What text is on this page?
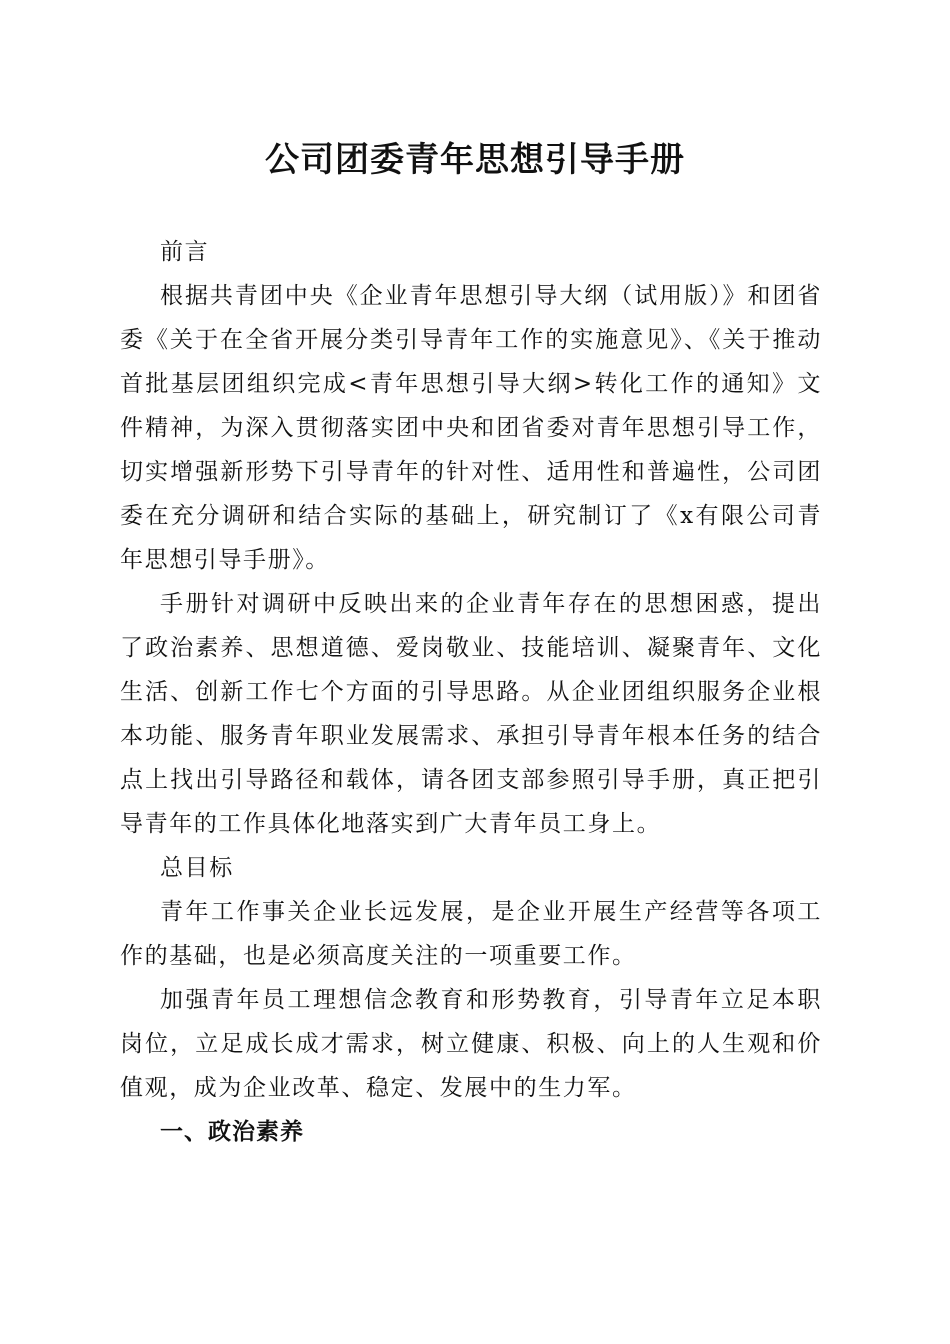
公司团委青年思想引导手册

前言

根据共青团中央《企业青年思想引导大纲（试用版）》和团省委《关于在全省开展分类引导青年工作的实施意见》、《关于推动首批基层团组织完成<青年思想引导大纲>转化工作的通知》文件精神，为深入贯彻落实团中央和团省委对青年思想引导工作，切实增强新形势下引导青年的针对性、适用性和普遍性，公司团委在充分调研和结合实际的基础上，研究制订了《x有限公司青年思想引导手册》。

手册针对调研中反映出来的企业青年存在的思想困惑，提出了政治素养、思想道德、爱岗敬业、技能培训、凝聚青年、文化生活、创新工作七个方面的引导思路。从企业团组织服务企业根本功能、服务青年职业发展需求、承担引导青年根本任务的结合点上找出引导路径和载体，请各团支部参照引导手册，真正把引导青年的工作具体化地落实到广大青年员工身上。

总目标

青年工作事关企业长远发展，是企业开展生产经营等各项工作的基础，也是必须高度关注的一项重要工作。

加强青年员工理想信念教育和形势教育，引导青年立足本职岗位，立足成长成才需求，树立健康、积极、向上的人生观和价值观，成为企业改革、稳定、发展中的生力军。

一、政治素养
